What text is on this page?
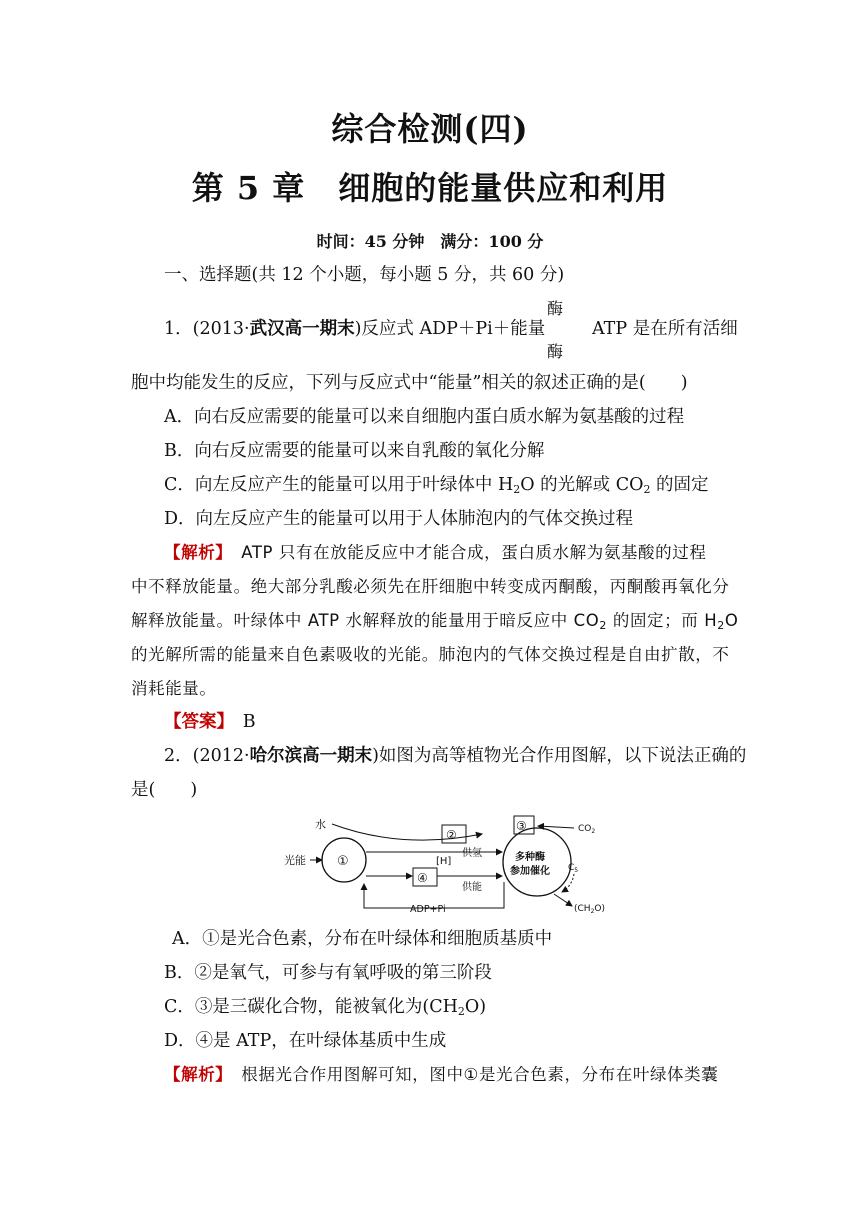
综合检测(四)
第 5 章　细胞的能量供应和利用
时间：45 分钟　满分：100 分
一、选择题(共 12 个小题，每小题 5 分，共 60 分)
1．(2013·武汉高一期末)反应式 ADP＋Pi＋能量
酶
酶
ATP 是在所有活细
胞中均能发生的反应，下列与反应式中“能量”相关的叙述正确的是(　　)
A．向右反应需要的能量可以来自细胞内蛋白质水解为氨基酸的过程
B．向右反应需要的能量可以来自乳酸的氧化分解
C．向左反应产生的能量可以用于叶绿体中 $H_2O$ 的光解或 $CO_2$ 的固定
D．向左反应产生的能量可以用于人体肺泡内的气体交换过程
【解析】　ATP 只有在放能反应中才能合成，蛋白质水解为氨基酸的过程
中不释放能量。绝大部分乳酸必须先在肝细胞中转变成丙酮酸，丙酮酸再氧化分
解释放能量。叶绿体中 ATP 水解释放的能量用于暗反应中 $CO_2$ 的固定；而 $H_2O$
的光解所需的能量来自色素吸收的光能。肺泡内的气体交换过程是自由扩散，不
消耗能量。
【答案】　B
2．(2012·哈尔滨高一期末)如图为高等植物光合作用图解，以下说法正确的
是(　　)
水
光能 ①
②
[H]
供氢
④
供能
ADP+Pi
多种酶
参加催化
③	$CO_2$
$C_5$
$(CH_2O)$
A．①是光合色素，分布在叶绿体和细胞质基质中
B．②是氧气，可参与有氧呼吸的第三阶段
C．③是三碳化合物，能被氧化为$(CH_2O)$
D．④是 ATP，在叶绿体基质中生成
【解析】　根据光合作用图解可知，图中①是光合色素，分布在叶绿体类囊
